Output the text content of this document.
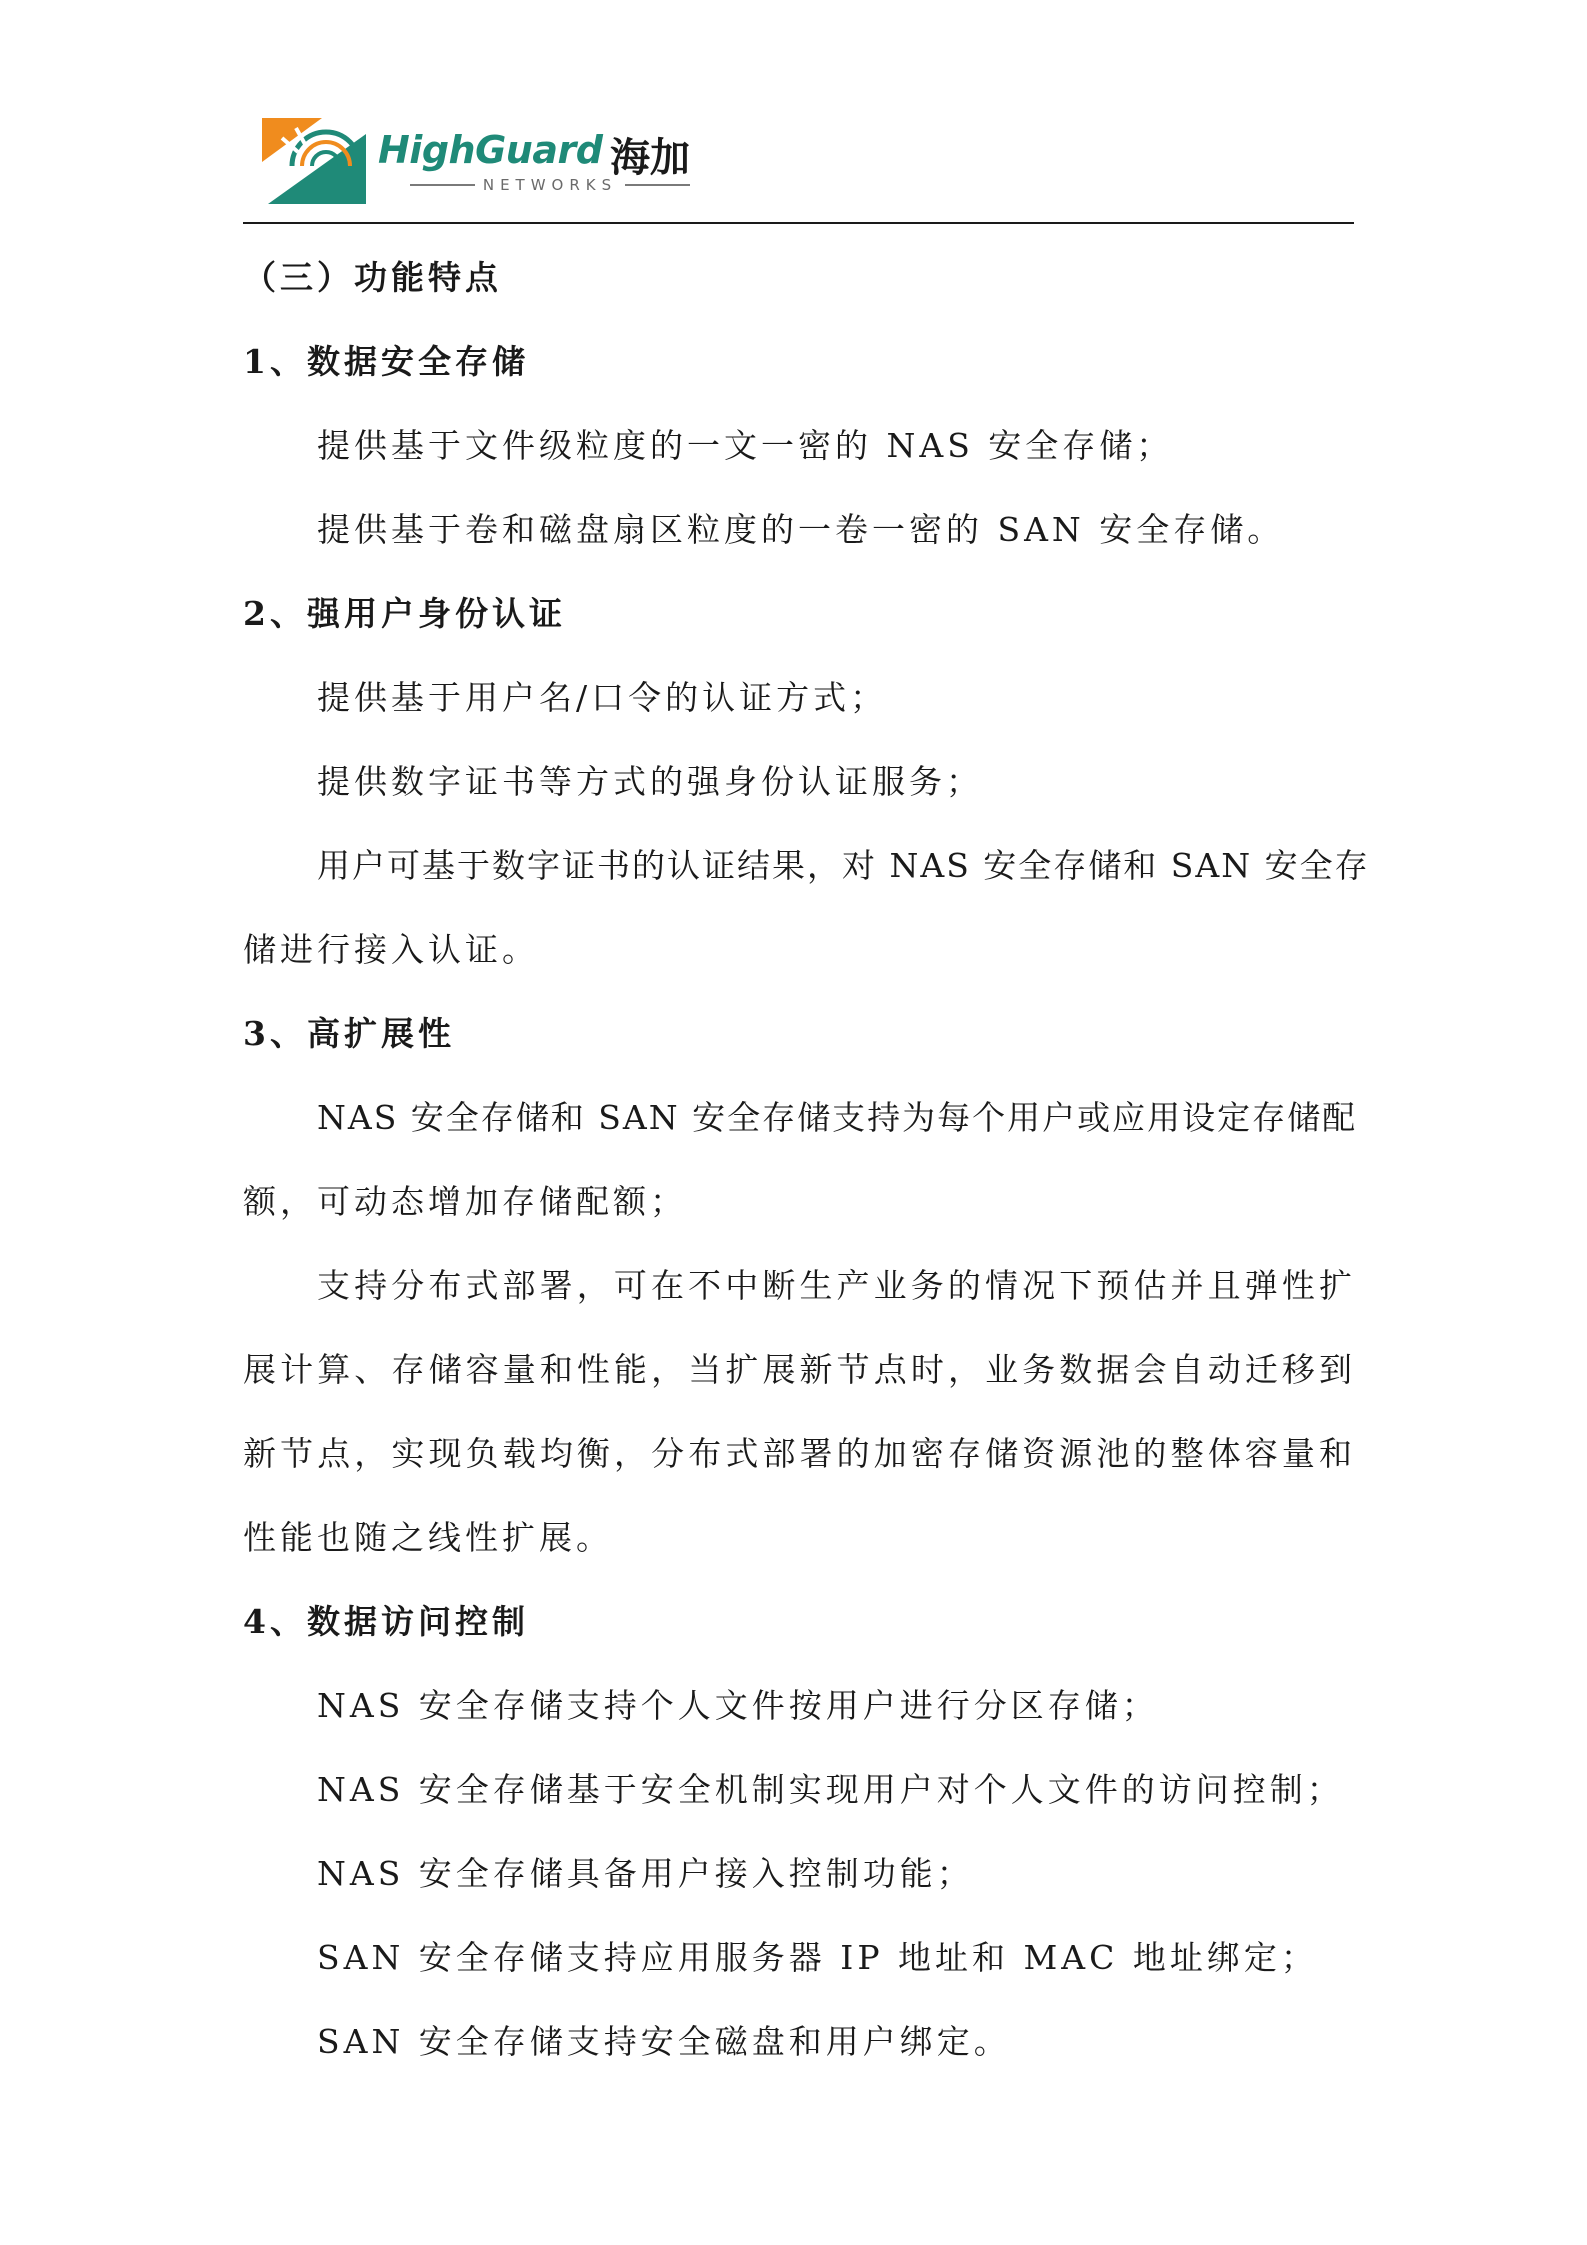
HighGuard 海加
NETWORKS

（三）功能特点

1、数据安全存储

提供基于文件级粒度的一文一密的 NAS 安全存储；

提供基于卷和磁盘扇区粒度的一卷一密的 SAN 安全存储。

2、强用户身份认证

提供基于用户名/口令的认证方式；

提供数字证书等方式的强身份认证服务；

用户可基于数字证书的认证结果，对 NAS 安全存储和 SAN 安全存

储进行接入认证。

3、高扩展性

NAS 安全存储和 SAN 安全存储支持为每个用户或应用设定存储配

额，可动态增加存储配额；

支持分布式部署，可在不中断生产业务的情况下预估并且弹性扩

展计算、存储容量和性能，当扩展新节点时，业务数据会自动迁移到

新节点，实现负载均衡，分布式部署的加密存储资源池的整体容量和

性能也随之线性扩展。

4、数据访问控制

NAS 安全存储支持个人文件按用户进行分区存储；

NAS 安全存储基于安全机制实现用户对个人文件的访问控制；

NAS 安全存储具备用户接入控制功能；

SAN 安全存储支持应用服务器 IP 地址和 MAC 地址绑定；

SAN 安全存储支持安全磁盘和用户绑定。
